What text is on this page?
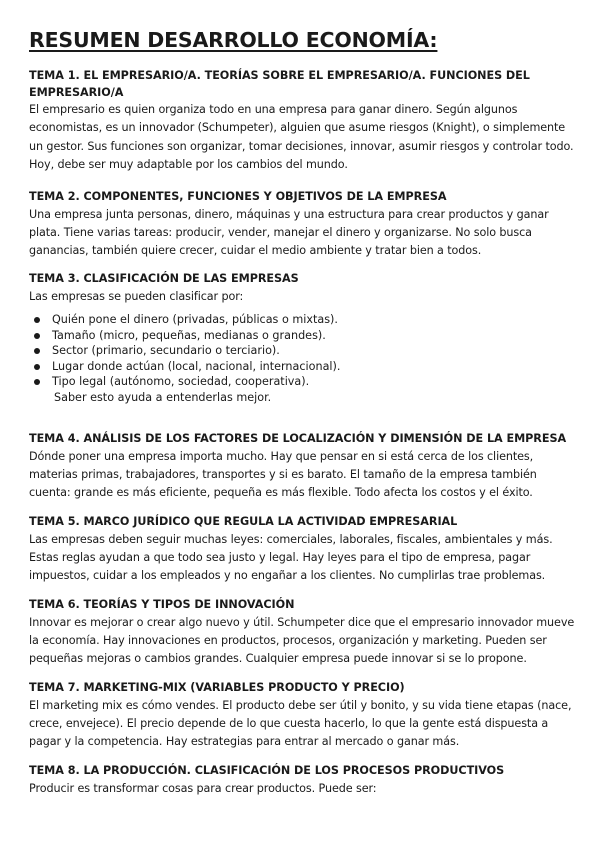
RESUMEN DESARROLLO ECONOMÍA:

TEMA 1. EL EMPRESARIO/A. TEORÍAS SOBRE EL EMPRESARIO/A. FUNCIONES DEL EMPRESARIO/A

El empresario es quien organiza todo en una empresa para ganar dinero. Según algunos economistas, es un innovador (Schumpeter), alguien que asume riesgos (Knight), o simplemente un gestor. Sus funciones son organizar, tomar decisiones, innovar, asumir riesgos y controlar todo. Hoy, debe ser muy adaptable por los cambios del mundo.

TEMA 2. COMPONENTES, FUNCIONES Y OBJETIVOS DE LA EMPRESA

Una empresa junta personas, dinero, máquinas y una estructura para crear productos y ganar plata. Tiene varias tareas: producir, vender, manejar el dinero y organizarse. No solo busca ganancias, también quiere crecer, cuidar el medio ambiente y tratar bien a todos.

TEMA 3. CLASIFICACIÓN DE LAS EMPRESAS

Las empresas se pueden clasificar por:

Quién pone el dinero (privadas, públicas o mixtas).
Tamaño (micro, pequeñas, medianas o grandes).
Sector (primario, secundario o terciario).
Lugar donde actúan (local, nacional, internacional).
Tipo legal (autónomo, sociedad, cooperativa).

Saber esto ayuda a entenderlas mejor.

TEMA 4. ANÁLISIS DE LOS FACTORES DE LOCALIZACIÓN Y DIMENSIÓN DE LA EMPRESA

Dónde poner una empresa importa mucho. Hay que pensar en si está cerca de los clientes, materias primas, trabajadores, transportes y si es barato. El tamaño de la empresa también cuenta: grande es más eficiente, pequeña es más flexible. Todo afecta los costos y el éxito.

TEMA 5. MARCO JURÍDICO QUE REGULA LA ACTIVIDAD EMPRESARIAL

Las empresas deben seguir muchas leyes: comerciales, laborales, fiscales, ambientales y más. Estas reglas ayudan a que todo sea justo y legal. Hay leyes para el tipo de empresa, pagar impuestos, cuidar a los empleados y no engañar a los clientes. No cumplirlas trae problemas.

TEMA 6. TEORÍAS Y TIPOS DE INNOVACIÓN

Innovar es mejorar o crear algo nuevo y útil. Schumpeter dice que el empresario innovador mueve la economía. Hay innovaciones en productos, procesos, organización y marketing. Pueden ser pequeñas mejoras o cambios grandes. Cualquier empresa puede innovar si se lo propone.

TEMA 7. MARKETING-MIX (VARIABLES PRODUCTO Y PRECIO)

El marketing mix es cómo vendes. El producto debe ser útil y bonito, y su vida tiene etapas (nace, crece, envejece). El precio depende de lo que cuesta hacerlo, lo que la gente está dispuesta a pagar y la competencia. Hay estrategias para entrar al mercado o ganar más.

TEMA 8. LA PRODUCCIÓN. CLASIFICACIÓN DE LOS PROCESOS PRODUCTIVOS

Producir es transformar cosas para crear productos. Puede ser:
